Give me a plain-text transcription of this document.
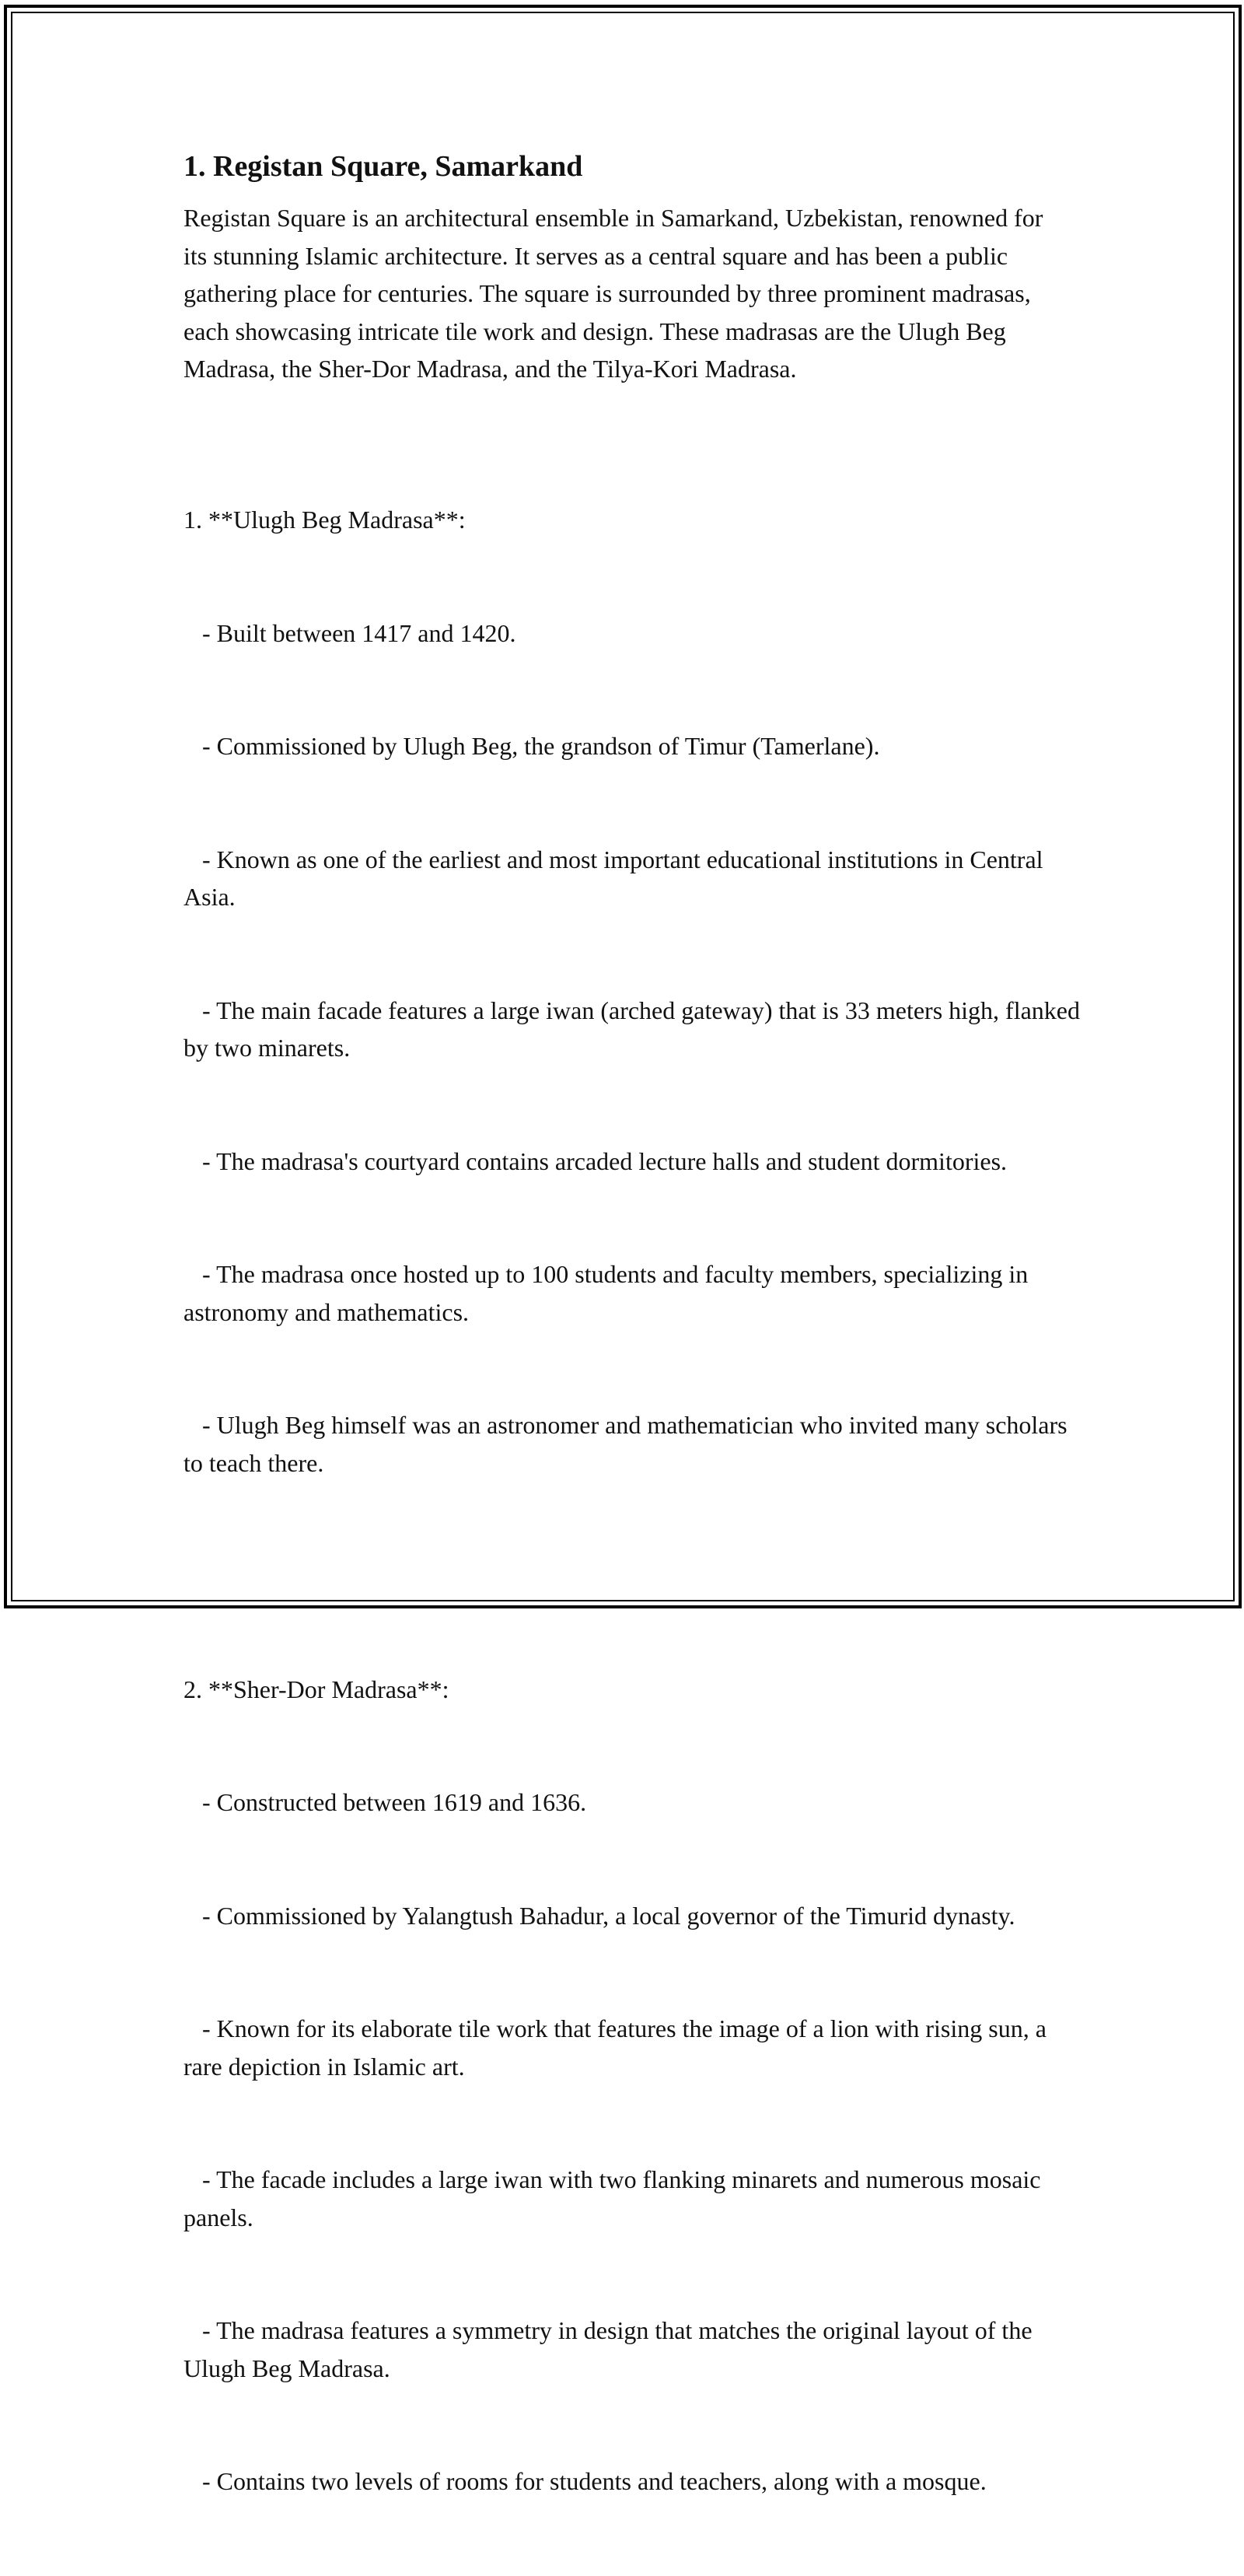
1. Registan Square, Samarkand

Registan Square is an architectural ensemble in Samarkand, Uzbekistan, renowned for its stunning Islamic architecture. It serves as a central square and has been a public gathering place for centuries. The square is surrounded by three prominent madrasas, each showcasing intricate tile work and design. These madrasas are the Ulugh Beg Madrasa, the Sher-Dor Madrasa, and the Tilya-Kori Madrasa.

1. **Ulugh Beg Madrasa**:

- Built between 1417 and 1420.

- Commissioned by Ulugh Beg, the grandson of Timur (Tamerlane).

- Known as one of the earliest and most important educational institutions in Central Asia.

- The main facade features a large iwan (arched gateway) that is 33 meters high, flanked by two minarets.

- The madrasa's courtyard contains arcaded lecture halls and student dormitories.

- The madrasa once hosted up to 100 students and faculty members, specializing in astronomy and mathematics.

- Ulugh Beg himself was an astronomer and mathematician who invited many scholars to teach there.

2. **Sher-Dor Madrasa**:

- Constructed between 1619 and 1636.

- Commissioned by Yalangtush Bahadur, a local governor of the Timurid dynasty.

- Known for its elaborate tile work that features the image of a lion with rising sun, a rare depiction in Islamic art.

- The facade includes a large iwan with two flanking minarets and numerous mosaic panels.

- The madrasa features a symmetry in design that matches the original layout of the Ulugh Beg Madrasa.

- Contains two levels of rooms for students and teachers, along with a mosque.
